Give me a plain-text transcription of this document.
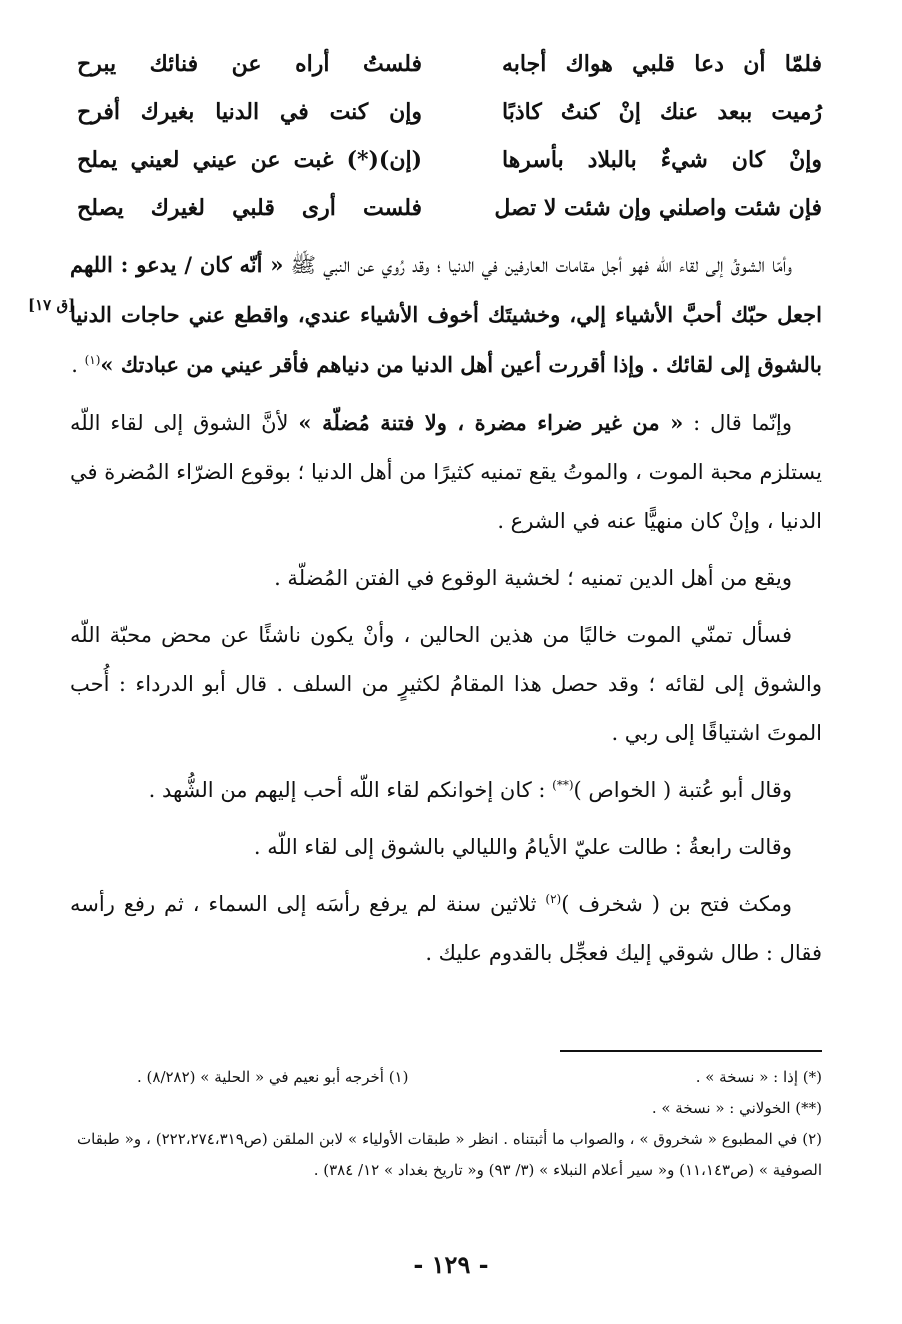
فلمّا أن دعا قلبي هواك أجابه
فلستُ أراه عن فنائك يبرح
رُميت ببعد عنك إنْ كنتُ كاذبًا
وإن كنت في الدنيا بغيرك أفرح
وإنْ كان شيءٌ بالبلاد بأسرها
(إن)(*) غبت عن عيني لعيني يملح
فإن شئت واصلني وإن شئت لا تصل
فلست أرى قلبي لغيرك يصلح
[ق ١٧]

وأمّا الشوقُ إلى لقاء اللّه فهو أجل مقامات العارفين في الدنيا ؛ وقد رُوي عن النبي ﷺ « أنّه كان / يدعو : اللهم اجعل حبّك أحبَّ الأشياء إلي، وخشيتَك أخوف الأشياء عندي، واقطع عني حاجات الدنيا بالشوق إلى لقائك . وإذا أقررت أعين أهل الدنيا من دنياهم فأقر عيني من عبادتك »$^{(١)}$ .

وإنّما قال : « من غير ضراء مضرة ، ولا فتنة مُضلّة » لأنَّ الشوق إلى لقاء اللّه يستلزم محبة الموت ، والموتُ يقع تمنيه كثيرًا من أهل الدنيا ؛ بوقوع الضرّاء المُضرة في الدنيا ، وإنْ كان منهيًّا عنه في الشرع .

ويقع من أهل الدين تمنيه ؛ لخشية الوقوع في الفتن المُضلّة .

فسأل تمنّي الموت خاليًا من هذين الحالين ، وأنْ يكون ناشئًا عن محض محبّة اللّه والشوق إلى لقائه ؛ وقد حصل هذا المقامُ لكثيرٍ من السلف . قال أبو الدرداء : أُحب الموتَ اشتياقًا إلى ربي .

وقال أبو عُتبة ( الخواص )(**) : كان إخوانكم لقاء اللّه أحب إليهم من الشُّهد .

وقالت رابعةُ : طالت عليّ الأيامُ والليالي بالشوق إلى لقاء اللّه .

ومكث فتح بن ( شخرف )$^{(٢)}$ ثلاثين سنة لم يرفع رأسَه إلى السماء ، ثم رفع رأسه فقال : طال شوقي إليك فعجِّل بالقدوم عليك .

(*) إذا : « نسخة » .
(١) أخرجه أبو نعيم في « الحلية » (٨/٢٨٢) .
(**) الخولاني : « نسخة » .
(٢) في المطبوع « شخروق » ، والصواب ما أثبتناه . انظر « طبقات الأولياء » لابن الملقن (ص٢٢٢،٢٧٤،٣١٩) ، و« طبقات الصوفية » (ص١١،١٤٣) و« سير أعلام النبلاء » (٣/ ٩٣) و« تاريخ بغداد » ١٢/ ٣٨٤) .
- ١٢٩ -
